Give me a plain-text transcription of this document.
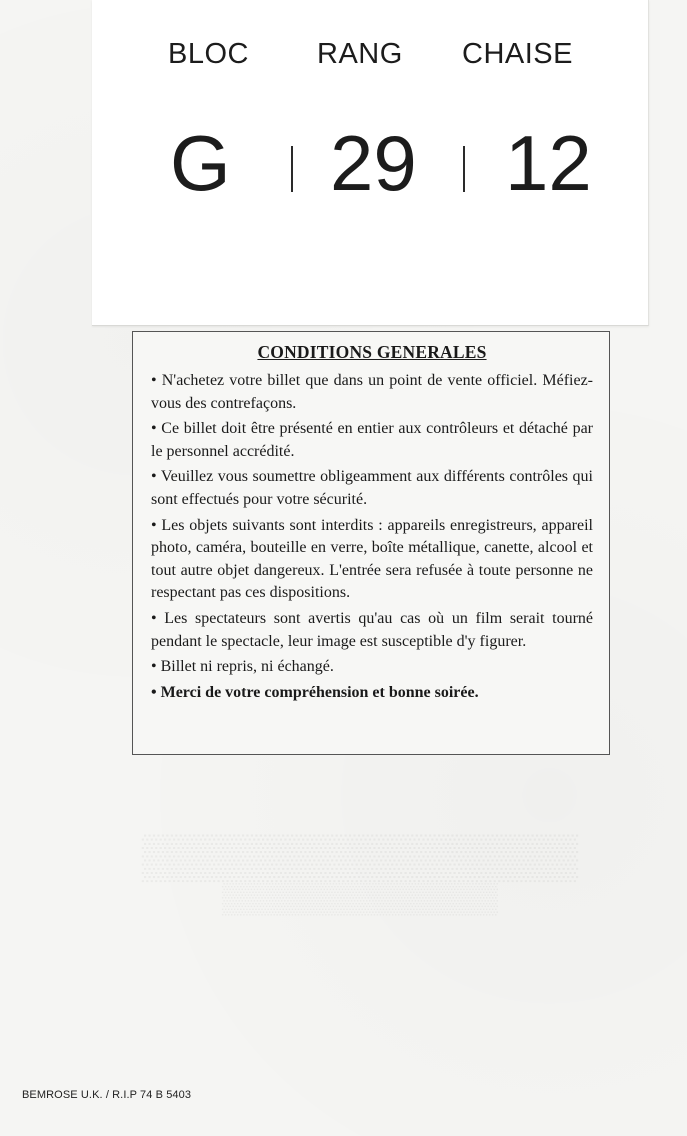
BLOC RANG CHAISE
G 29 12
CONDITIONS GENERALES
• N'achetez votre billet que dans un point de vente officiel. Méfiez-vous des contrefaçons.
• Ce billet doit être présenté en entier aux contrôleurs et détaché par le personnel accrédité.
• Veuillez vous soumettre obligeamment aux différents contrôles qui sont effectués pour votre sécurité.
• Les objets suivants sont interdits : appareils enregistreurs, appareil photo, caméra, bouteille en verre, boîte métallique, canette, alcool et tout autre objet dangereux. L'entrée sera refusée à toute personne ne respectant pas ces dispositions.
• Les spectateurs sont avertis qu'au cas où un film serait tourné pendant le spectacle, leur image est susceptible d'y figurer.
• Billet ni repris, ni échangé.
• Merci de votre compréhension et bonne soirée.
BEMROSE U.K. / R.I.P 74 B 5403
